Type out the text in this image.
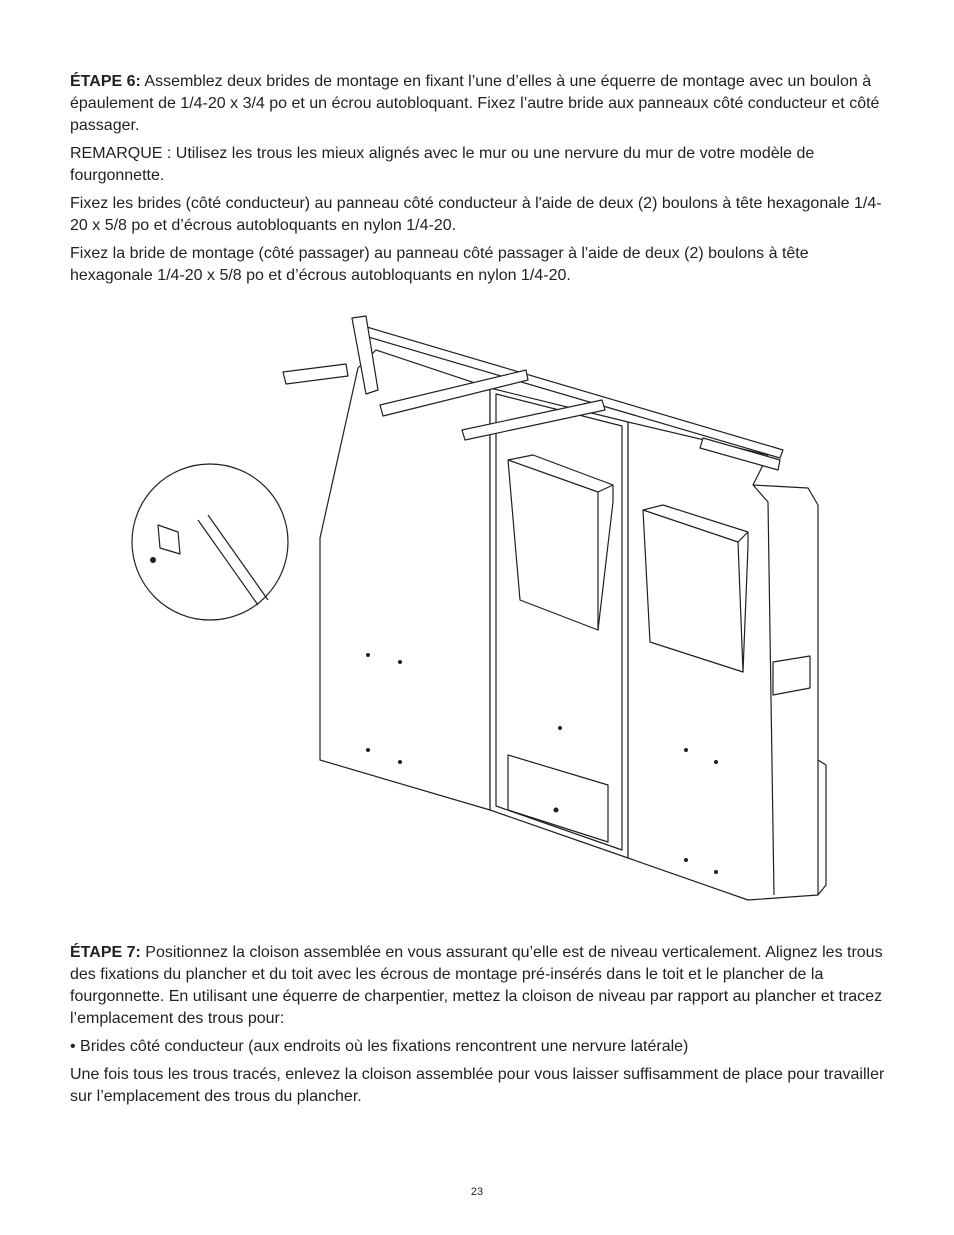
ÉTAPE 6: Assemblez deux brides de montage en fixant l’une d’elles à une équerre de montage avec un boulon à épaulement de 1/4-20 x 3/4 po et un écrou autobloquant. Fixez l’autre bride aux panneaux côté conducteur et côté passager.

REMARQUE : Utilisez les trous les mieux alignés avec le mur ou une nervure du mur de votre modèle de fourgonnette.

Fixez les brides (côté conducteur) au panneau côté conducteur à l'aide de deux (2) boulons à tête hexagonale 1/4-20 x 5/8 po et d’écrous autobloquants en nylon 1/4-20.

Fixez la bride de montage (côté passager) au panneau côté passager à l'aide de deux (2) boulons à tête hexagonale 1/4-20 x 5/8 po et d’écrous autobloquants en nylon 1/4-20.

ÉTAPE 7: Positionnez la cloison assemblée en vous assurant qu’elle est de niveau verticalement. Alignez les trous des fixations du plancher et du toit avec les écrous de montage pré-insérés dans le toit et le plancher de la fourgonnette. En utilisant une équerre de charpentier, mettez la cloison de niveau par rapport au plancher et tracez l’emplacement des trous pour:

• Brides côté conducteur (aux endroits où les fixations rencontrent une nervure latérale)

Une fois tous les trous tracés, enlevez la cloison assemblée pour vous laisser suffisamment de place pour travailler sur l’emplacement des trous du plancher.

23
